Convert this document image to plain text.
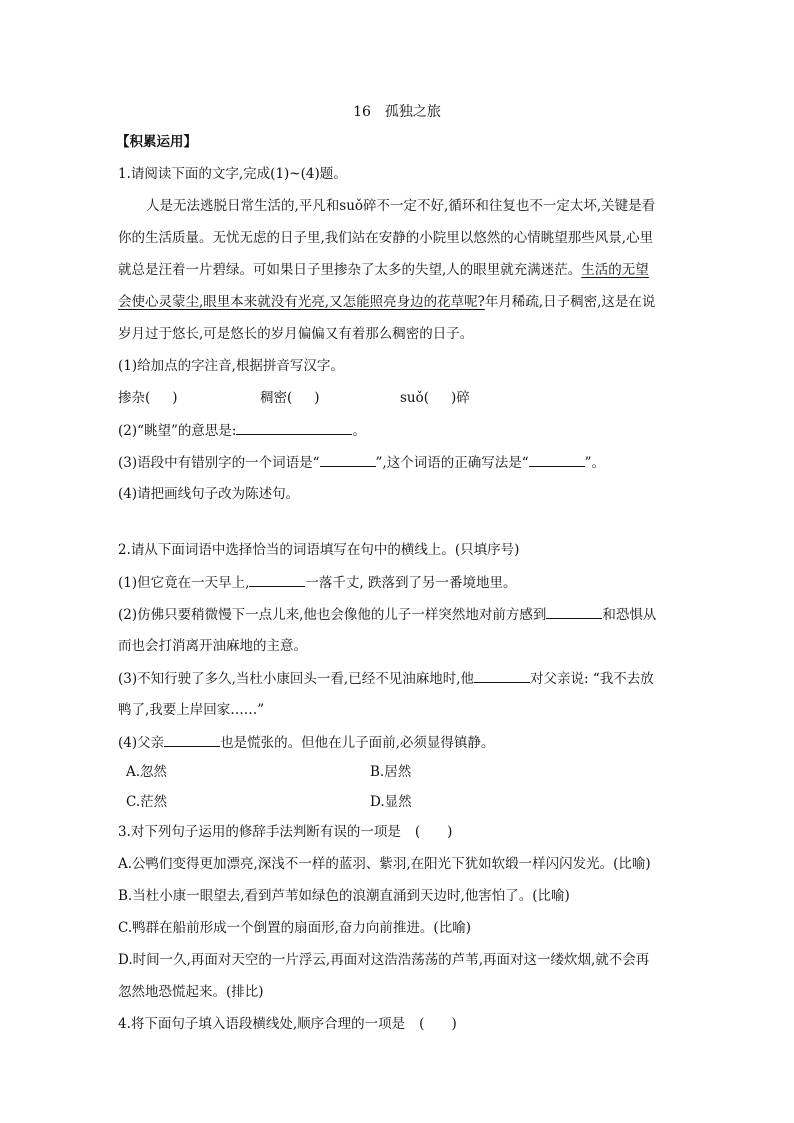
16 孤独之旅
【积累运用】
1.请阅读下面的文字,完成(1)~(4)题。
人是无法逃脱日常生活的,平凡和suǒ碎不一定不好,循环和往复也不一定太坏,关键是看
你的生活质量。无忧无虑的日子里,我们站在安静的小院里以悠然的心情眺望那些风景,心里
就总是汪着一片碧绿。可如果日子里掺杂了太多的失望,人的眼里就充满迷茫。生活的无望
会使心灵蒙尘,眼里本来就没有光亮,又怎能照亮身边的花草呢?年月稀疏,日子稠密,这是在说
岁月过于悠长,可是悠长的岁月偏偏又有着那么稠密的日子。
(1)给加点的字注音,根据拼音写汉字。
掺杂( )	稠密( )	suǒ( )碎
(2)“眺望”的意思是:	。
(3)语段中有错别字的一个词语是“	”,这个词语的正确写法是“	”。
(4)请把画线句子改为陈述句。
2.请从下面词语中选择恰当的词语填写在句中的横线上。(只填序号)
(1)但它竟在一天早上,	一落千丈, 跌落到了另一番境地里。
(2)仿佛只要稍微慢下一点儿来,他也会像他的儿子一样突然地对前方感到	和恐惧从
而也会打消离开油麻地的主意。
(3)不知行驶了多久,当杜小康回头一看,已经不见油麻地时,他	对父亲说: “我不去放
鸭了,我要上岸回家……”
(4)父亲	也是慌张的。但他在儿子面前,必须显得镇静。
A.忽然	B.居然
C.茫然	D.显然
3.对下列句子运用的修辞手法判断有误的一项是 (　　)
A.公鸭们变得更加漂亮,深浅不一样的蓝羽、紫羽,在阳光下犹如软缎一样闪闪发光。(比喻)
B.当杜小康一眼望去,看到芦苇如绿色的浪潮直涌到天边时,他害怕了。(比喻)
C.鸭群在船前形成一个倒置的扇面形,奋力向前推进。(比喻)
D.时间一久,再面对天空的一片浮云,再面对这浩浩荡荡的芦苇,再面对这一缕炊烟,就不会再
忽然地恐慌起来。(排比)
4.将下面句子填入语段横线处,顺序合理的一项是 (　　)
